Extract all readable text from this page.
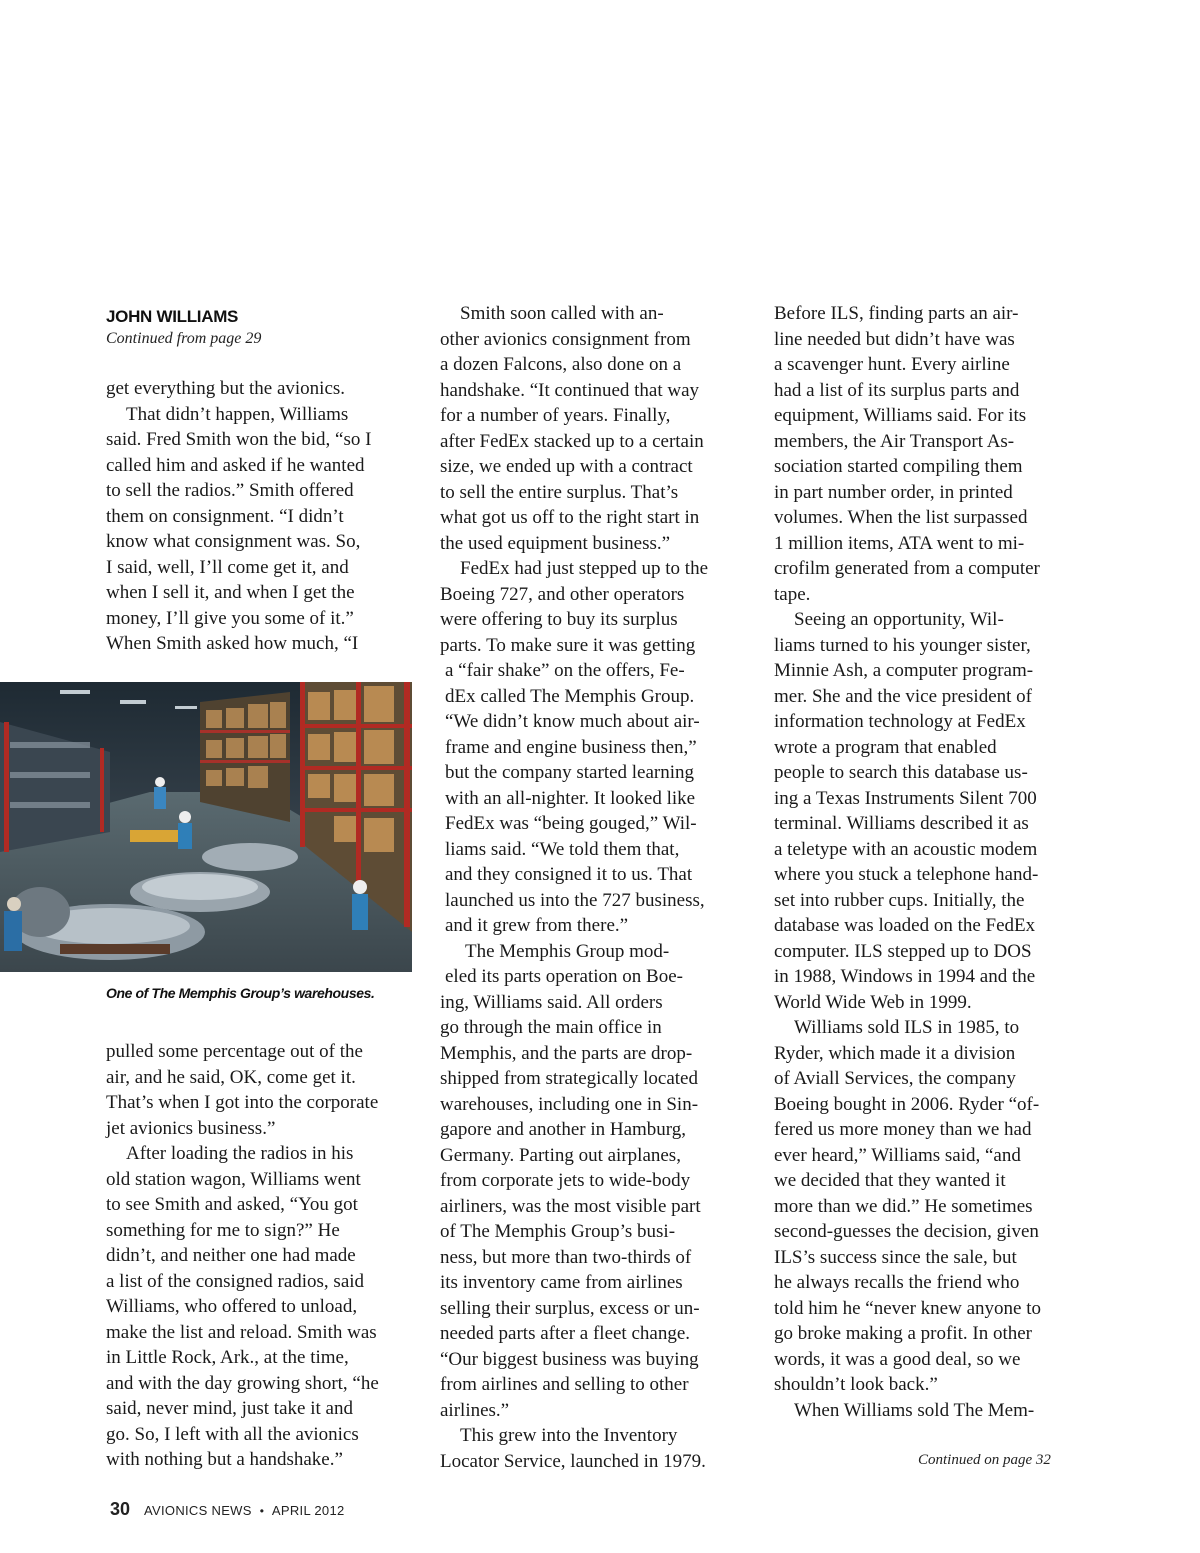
JOHN WILLIAMS
Continued from page 29
get everything but the avionics.
That didn’t happen, Williams
said. Fred Smith won the bid, “so I
called him and asked if he wanted
to sell the radios.” Smith offered
them on consignment. “I didn’t
know what consignment was. So,
I said, well, I’ll come get it, and
when I sell it, and when I get the
money, I’ll give you some of it.”
When Smith asked how much, “I
One of The Memphis Group’s warehouses.
pulled some percentage out of the
air, and he said, OK, come get it.
That’s when I got into the corporate
jet avionics business.”
After loading the radios in his
old station wagon, Williams went
to see Smith and asked, “You got
something for me to sign?” He
didn’t, and neither one had made
a list of the consigned radios, said
Williams, who offered to unload,
make the list and reload. Smith was
in Little Rock, Ark., at the time,
and with the day growing short, “he
said, never mind, just take it and
go. So, I left with all the avionics
with nothing but a handshake.”
Smith soon called with an-
other avionics consignment from
a dozen Falcons, also done on a
handshake. “It continued that way
for a number of years. Finally,
after FedEx stacked up to a certain
size, we ended up with a contract
to sell the entire surplus. That’s
what got us off to the right start in
the used equipment business.”
FedEx had just stepped up to the
Boeing 727, and other operators
were offering to buy its surplus
parts. To make sure it was getting
a “fair shake” on the offers, Fe-
dEx called The Memphis Group.
“We didn’t know much about air-
frame and engine business then,”
but the company started learning
with an all-nighter. It looked like
FedEx was “being gouged,” Wil-
liams said. “We told them that,
and they consigned it to us. That
launched us into the 727 business,
and it grew from there.”
The Memphis Group mod-
eled its parts operation on Boe-
ing, Williams said. All orders
go through the main office in
Memphis, and the parts are drop-
shipped from strategically located
warehouses, including one in Sin-
gapore and another in Hamburg,
Germany. Parting out airplanes,
from corporate jets to wide-body
airliners, was the most visible part
of The Memphis Group’s busi-
ness, but more than two-thirds of
its inventory came from airlines
selling their surplus, excess or un-
needed parts after a fleet change.
“Our biggest business was buying
from airlines and selling to other
airlines.”
This grew into the Inventory
Locator Service, launched in 1979.
Before ILS, finding parts an air-
line needed but didn’t have was
a scavenger hunt. Every airline
had a list of its surplus parts and
equipment, Williams said. For its
members, the Air Transport As-
sociation started compiling them
in part number order, in printed
volumes. When the list surpassed
1 million items, ATA went to mi-
crofilm generated from a computer
tape.
Seeing an opportunity, Wil-
liams turned to his younger sister,
Minnie Ash, a computer program-
mer. She and the vice president of
information technology at FedEx
wrote a program that enabled
people to search this database us-
ing a Texas Instruments Silent 700
terminal. Williams described it as
a teletype with an acoustic modem
where you stuck a telephone hand-
set into rubber cups. Initially, the
database was loaded on the FedEx
computer. ILS stepped up to DOS
in 1988, Windows in 1994 and the
World Wide Web in 1999.
Williams sold ILS in 1985, to
Ryder, which made it a division
of Aviall Services, the company
Boeing bought in 2006. Ryder “of-
fered us more money than we had
ever heard,” Williams said, “and
we decided that they wanted it
more than we did.” He sometimes
second-guesses the decision, given
ILS’s success since the sale, but
he always recalls the friend who
told him he “never knew anyone to
go broke making a profit. In other
words, it was a good deal, so we
shouldn’t look back.”
When Williams sold The Mem-
Continued on page 32
30 AVIONICS NEWS • APRIL 2012
